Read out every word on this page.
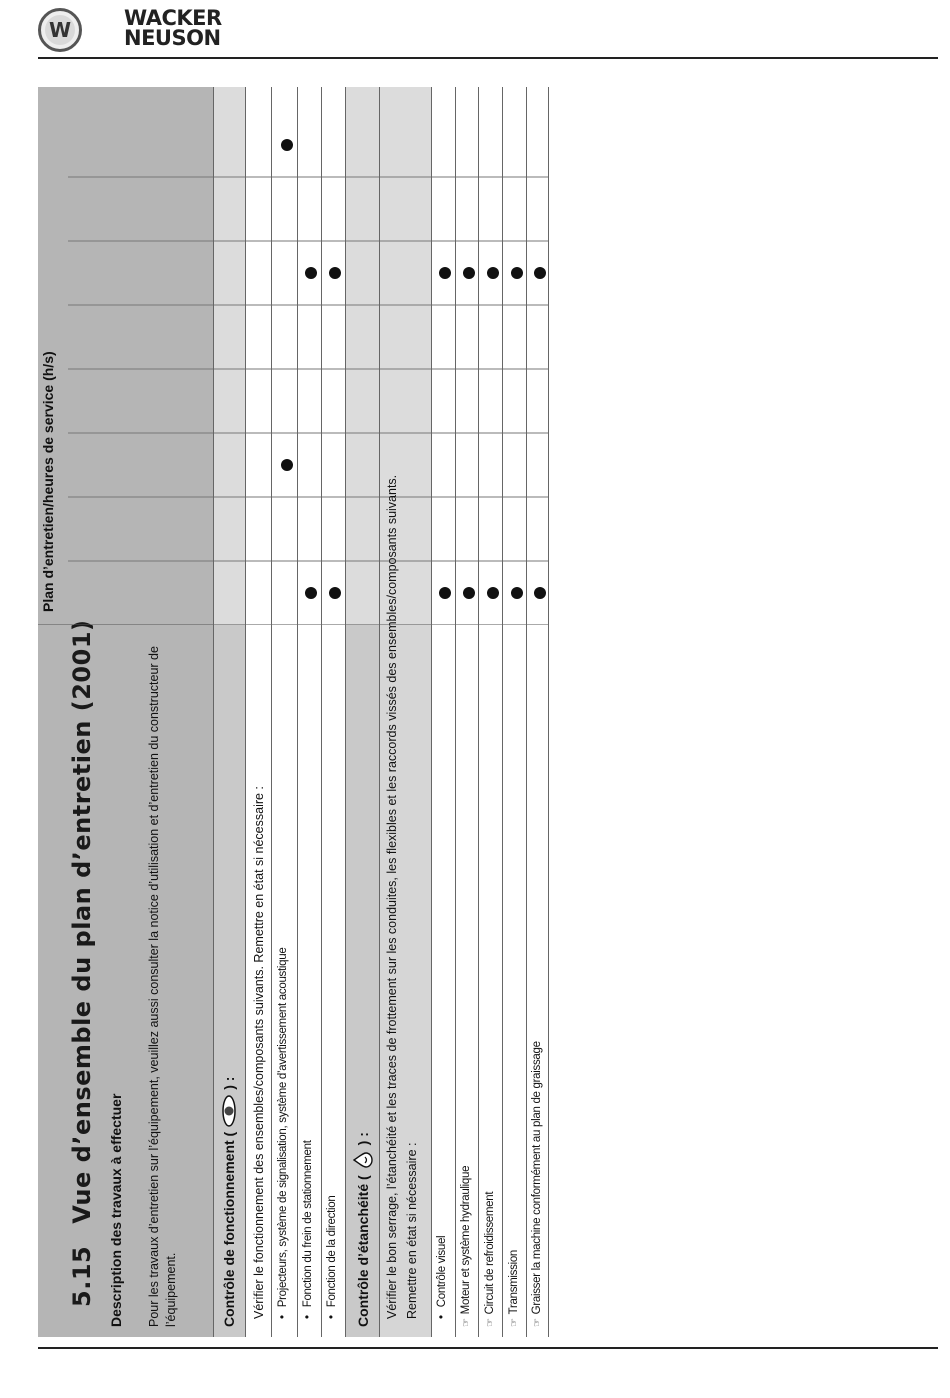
W	WACKER
NEUSON
5.15Vue d’ensemble du plan d’entretien (2001) Description des travaux à effectuer Pour les travaux d’entretien sur l’équipement, veuillez aussi consulter la notice d’utilisation et d’entretien du constructeur de l’équipement.
Plan d’entretien/heures de service (h/s)
Contrôle de fonctionnement () : Vérifier le fonctionnement des ensembles/composants suivants. Remettre en état si nécessaire : •Projecteurs, système de signalisation, système d’avertissement acoustique
•Fonction du frein de stationnement
•Fonction de la direction Contrôle d’étanchéité () :	Vérifier le bon serrage, l’étanchéité et les traces de frottement sur les conduites, les flexibles et les raccords vissés des ensembles/composants suivants. Remettre en état si nécessaire : •Contrôle visuel
☞Moteur et système hydraulique
☞Circuit de refroidissement
☞Transmission
☞Graisser la machine conformément au plan de graissage
